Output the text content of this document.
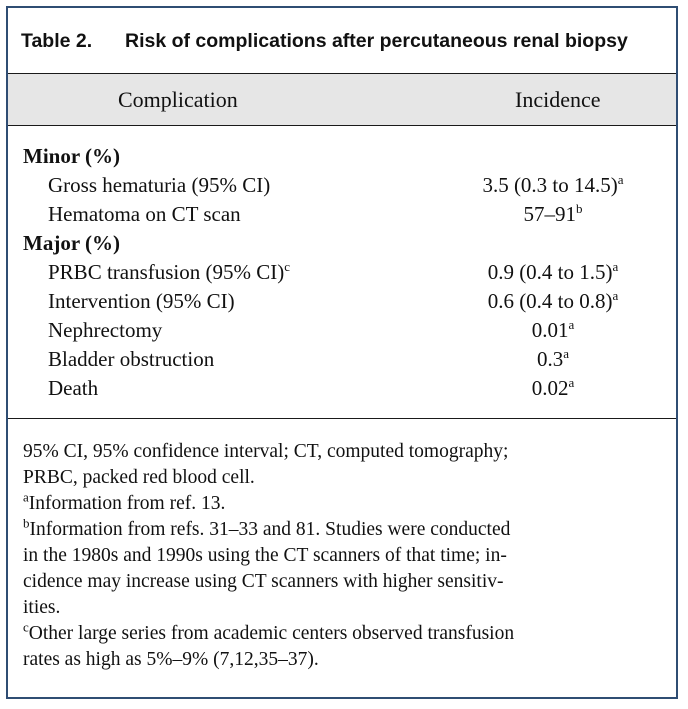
Table 2. Risk of complications after percutaneous renal biopsy
Complication	Incidence
Minor (%)
Gross hematuria (95% CI)	3.5 (0.3 to 14.5)$^a$
Hematoma on CT scan	57–91$^b$
Major (%)
PRBC transfusion (95% CI)$^c$	0.9 (0.4 to 1.5)$^a$
Intervention (95% CI)	0.6 (0.4 to 0.8)$^a$
Nephrectomy	0.01$^a$
Bladder obstruction	0.3$^a$
Death	0.02$^a$
95% CI, 95% confidence interval; CT, computed tomography;
PRBC, packed red blood cell.
$^a$Information from ref. 13.
$^b$Information from refs. 31–33 and 81. Studies were conducted
in the 1980s and 1990s using the CT scanners of that time; in-
cidence may increase using CT scanners with higher sensitiv-
ities.
$^c$Other large series from academic centers observed transfusion
rates as high as 5%–9% (7,12,35–37).
